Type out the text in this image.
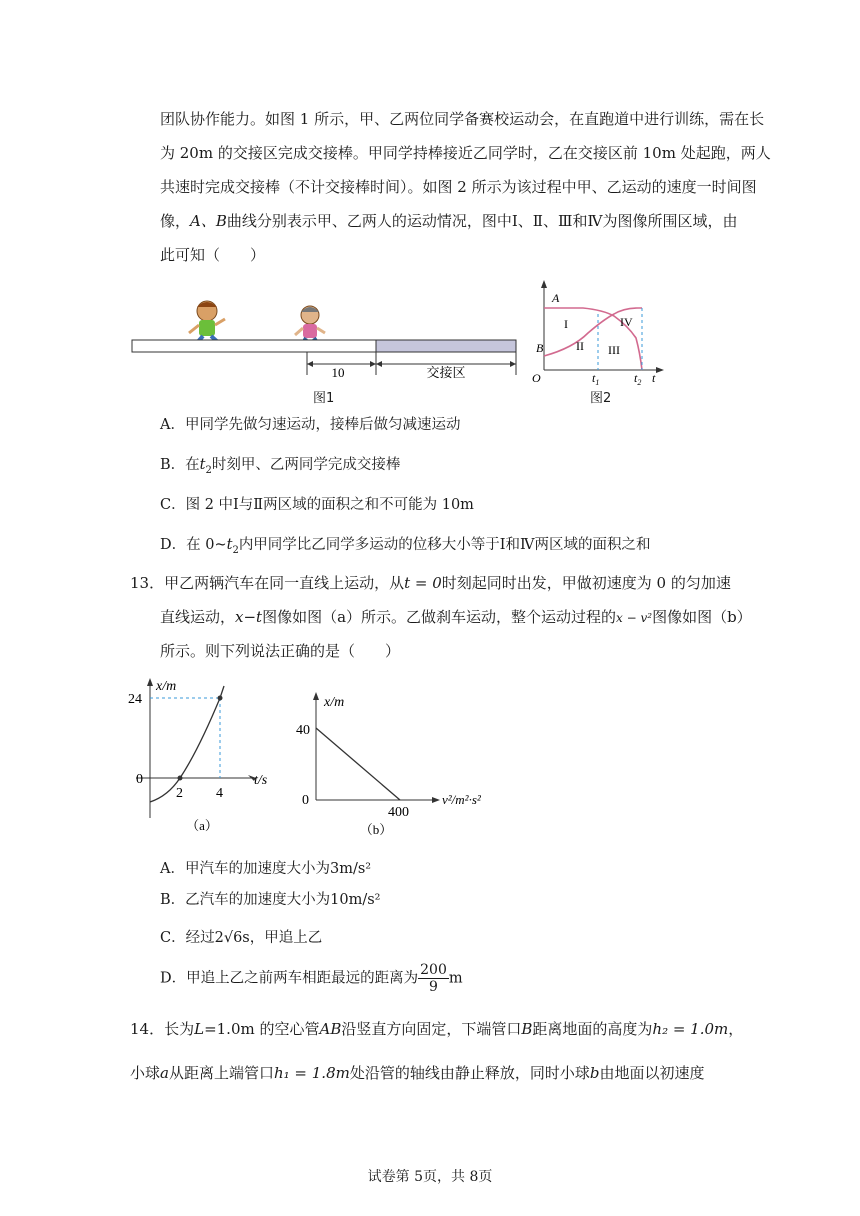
团队协作能力。如图 1 所示，甲、乙两位同学备赛校运动会，在直跑道中进行训练，需在长
为 20m 的交接区完成交接棒。甲同学持棒接近乙同学时，乙在交接区前 10m 处起跑，两人
共速时完成交接棒（不计交接棒时间）。如图 2 所示为该过程中甲、乙运动的速度一时间图
像，A、B曲线分别表示甲、乙两人的运动情况，图中Ⅰ、Ⅱ、Ⅲ和Ⅳ为图像所围区域，由
此可知（　　）
10	交接区
图1
A
B
O
I
II III
IV
$t_1$	$t_2$ t
图2
A．甲同学先做匀速运动，接棒后做匀减速运动
B．在$t_2$时刻甲、乙两同学完成交接棒
C．图 2 中Ⅰ与Ⅱ两区域的面积之和不可能为 10m
D．在 $0\sim t_2$内甲同学比乙同学多运动的位移大小等于Ⅰ和Ⅳ两区域的面积之和
13．甲乙两辆汽车在同一直线上运动，从t = 0时刻起同时出发，甲做初速度为 0 的匀加速
直线运动，x−t图像如图（a）所示。乙做刹车运动，整个运动过程的x − v²图像如图（b）
所示。则下列说法正确的是（　　）
x/m
24
0
2 4
t/s
（a）
x/m
40
0
400
v²/m²·s²
（b）
A．甲汽车的加速度大小为3m/s²
B．乙汽车的加速度大小为10m/s²
C．经过2√6s，甲追上乙
D．甲追上乙之前两车相距最远的距离为 $\frac{200}{9}$ m
14．长为L=1.0m 的空心管AB沿竖直方向固定，下端管口B距离地面的高度为h₂ = 1.0m，
小球a从距离上端管口h₁ = 1.8m处沿管的轴线由静止释放，同时小球b由地面以初速度
试卷第 5页，共 8页
